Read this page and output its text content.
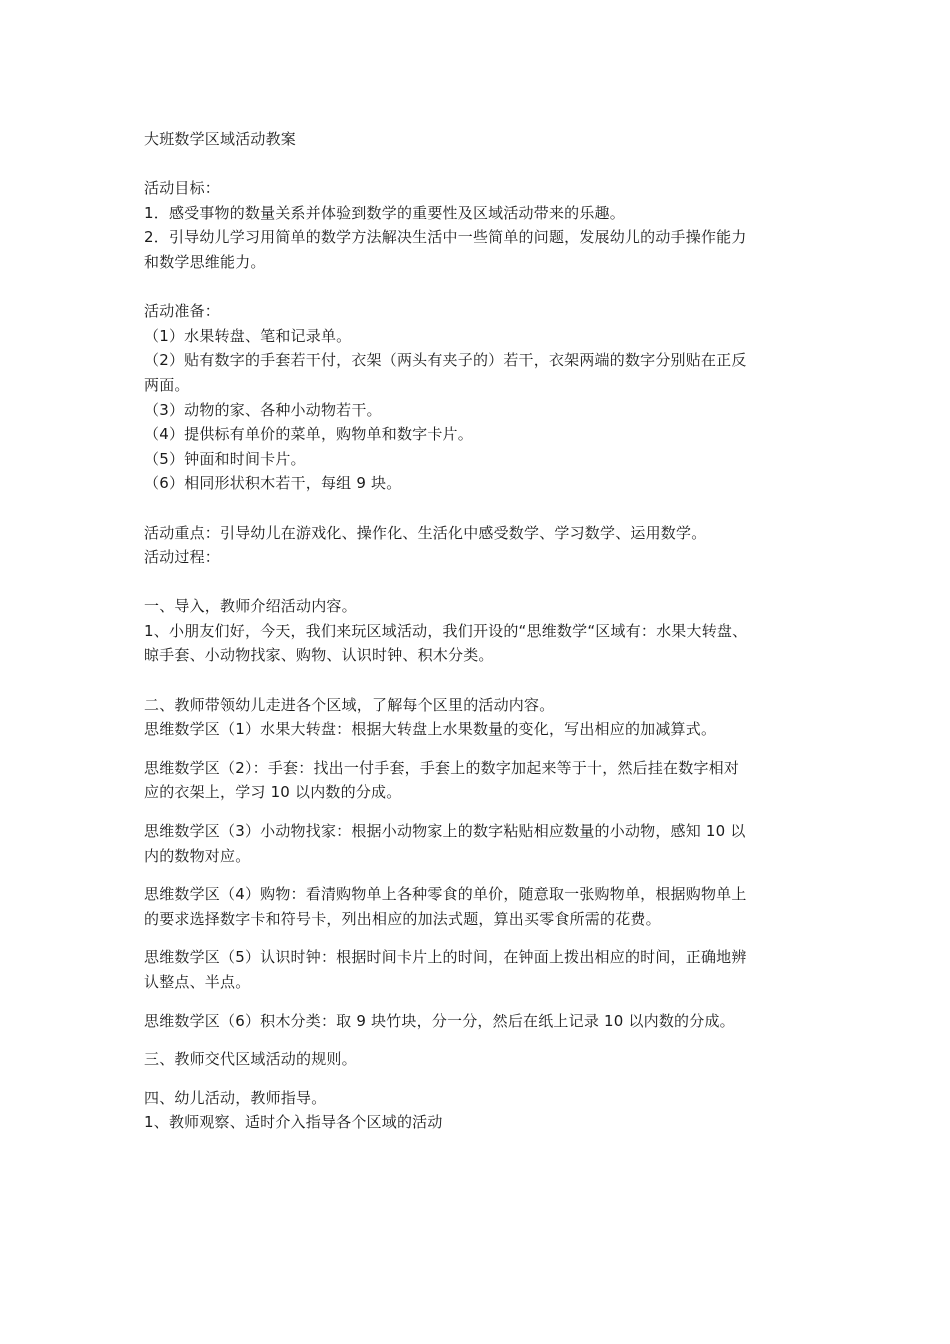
大班数学区域活动教案
活动目标：
1．感受事物的数量关系并体验到数学的重要性及区域活动带来的乐趣。
2．引导幼儿学习用简单的数学方法解决生活中一些简单的问题，发展幼儿的动手操作能力
和数学思维能力。
活动准备：
（1）水果转盘、笔和记录单。
（2）贴有数字的手套若干付，衣架（两头有夹子的）若干，衣架两端的数字分别贴在正反
两面。
（3）动物的家、各种小动物若干。
（4）提供标有单价的菜单，购物单和数字卡片。
（5）钟面和时间卡片。
（6）相同形状积木若干，每组 9 块。
活动重点：引导幼儿在游戏化、操作化、生活化中感受数学、学习数学、运用数学。
活动过程：
一、导入，教师介绍活动内容。
1、小朋友们好，今天，我们来玩区域活动，我们开设的“思维数学“区域有：水果大转盘、
晾手套、小动物找家、购物、认识时钟、积木分类。
二、教师带领幼儿走进各个区域，了解每个区里的活动内容。
思维数学区（1）水果大转盘：根据大转盘上水果数量的变化，写出相应的加减算式。
思维数学区（2）：手套：找出一付手套，手套上的数字加起来等于十，然后挂在数字相对
应的衣架上，学习 10 以内数的分成。
思维数学区（3）小动物找家：根据小动物家上的数字粘贴相应数量的小动物，感知 10 以
内的数物对应。
思维数学区（4）购物：看清购物单上各种零食的单价，随意取一张购物单，根据购物单上
的要求选择数字卡和符号卡，列出相应的加法式题，算出买零食所需的花费。
思维数学区（5）认识时钟：根据时间卡片上的时间，在钟面上拨出相应的时间，正确地辨
认整点、半点。
思维数学区（6）积木分类：取 9 块竹块，分一分，然后在纸上记录 10 以内数的分成。
三、教师交代区域活动的规则。
四、幼儿活动，教师指导。
1、教师观察、适时介入指导各个区域的活动
